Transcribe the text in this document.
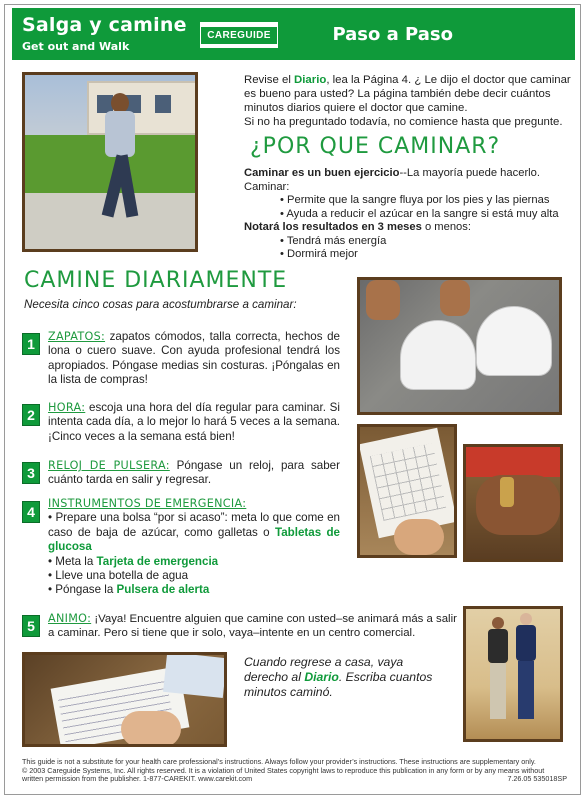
Salga y camine
Get out and Walk
CAREGUIDE	Paso a Paso
Revise el Diario, lea la Página 4. ¿ Le dijo el doctor que caminar es bueno para usted? La página también debe decir cuántos minutos diarios quiere el doctor que camine.
Si no ha preguntado todavía, no comience hasta que pregunte.
¿POR QUE CAMINAR?
Caminar es un buen ejercicio--La mayoría puede hacerlo.
Caminar:
• Permite que la sangre fluya por los pies y las piernas
• Ayuda a reducir el azúcar en la sangre si está muy alta
Notará los resultados en 3 meses o menos:
• Tendrá más energía
• Dormirá mejor
CAMINE DIARIAMENTE
Necesita cinco cosas para acostumbrarse a caminar:
1	ZAPATOS: zapatos cómodos, talla correcta, hechos de lona o cuero suave. Con ayuda profesional tendrá los apropiados. Póngase medias sin costuras. ¡Póngalas en la lista de compras!
2	HORA: escoja una hora del día regular para caminar. Si intenta cada día, a lo mejor lo hará 5 veces a la semana. ¡Cinco veces a la semana está bien!
3	RELOJ DE PULSERA: Póngase un reloj, para saber cuánto tarda en salir y regresar.
4
INSTRUMENTOS DE EMERGENCIA:
• Prepare una bolsa “por si acaso”: meta lo que come en caso de baja de azúcar, como galletas o Tabletas de glucosa
• Meta la Tarjeta de emergencia
• Lleve una botella de agua
• Póngase la Pulsera de alerta
5	ANIMO: ¡Vaya! Encuentre alguien que camine con usted–se animará más a salir a caminar. Pero si tiene que ir solo, vaya–intente en un centro comercial.
Cuando regrese a casa, vaya derecho al Diario. Escriba cuantos minutos caminó.
This guide is not a substitute for your health care professional’s instructions. Always follow your provider’s instructions. These instructions are supplementary only.
© 2003 Careguide Systems, Inc. All rights reserved. It is a violation of United States copyright laws to reproduce this publication in any form or by any means without
written permission from the publisher. 1-877-CAREKIT. www.carekit.com	7.26.05 535018SP
